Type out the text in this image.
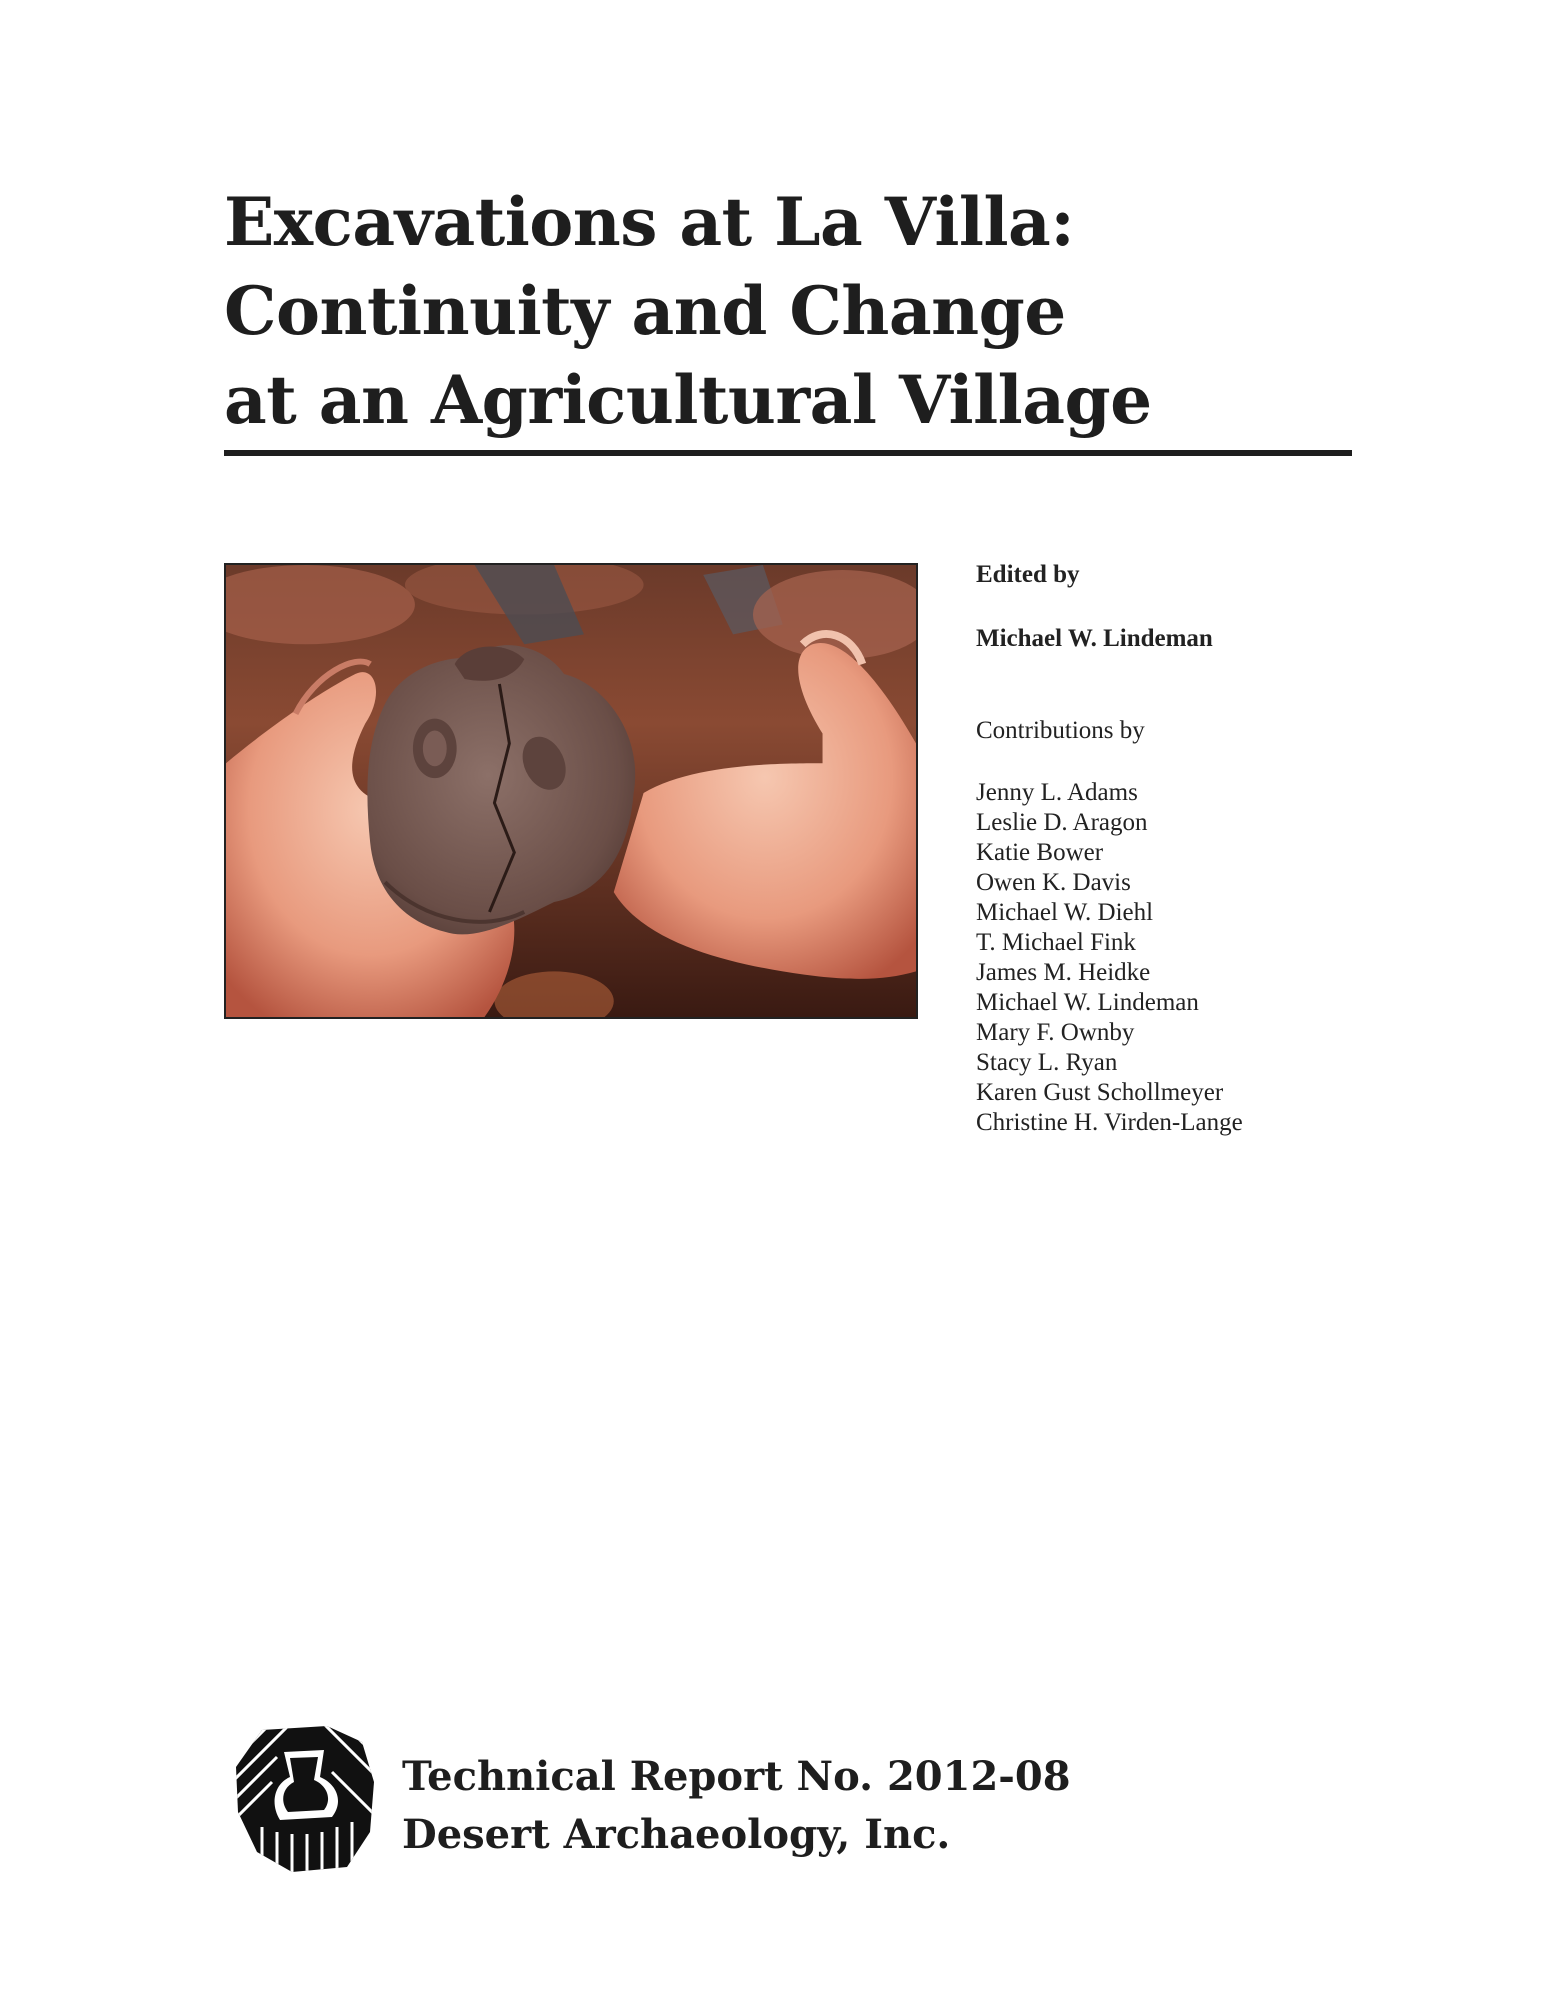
Excavations at La Villa:
Continuity and Change
at an Agricultural Village

Edited by

Michael W. Lindeman

Contributions by

Jenny L. Adams
Leslie D. Aragon
Katie Bower
Owen K. Davis
Michael W. Diehl
T. Michael Fink
James M. Heidke
Michael W. Lindeman
Mary F. Ownby
Stacy L. Ryan
Karen Gust Schollmeyer
Christine H. Virden-Lange
Technical Report No. 2012-08
Desert Archaeology, Inc.
